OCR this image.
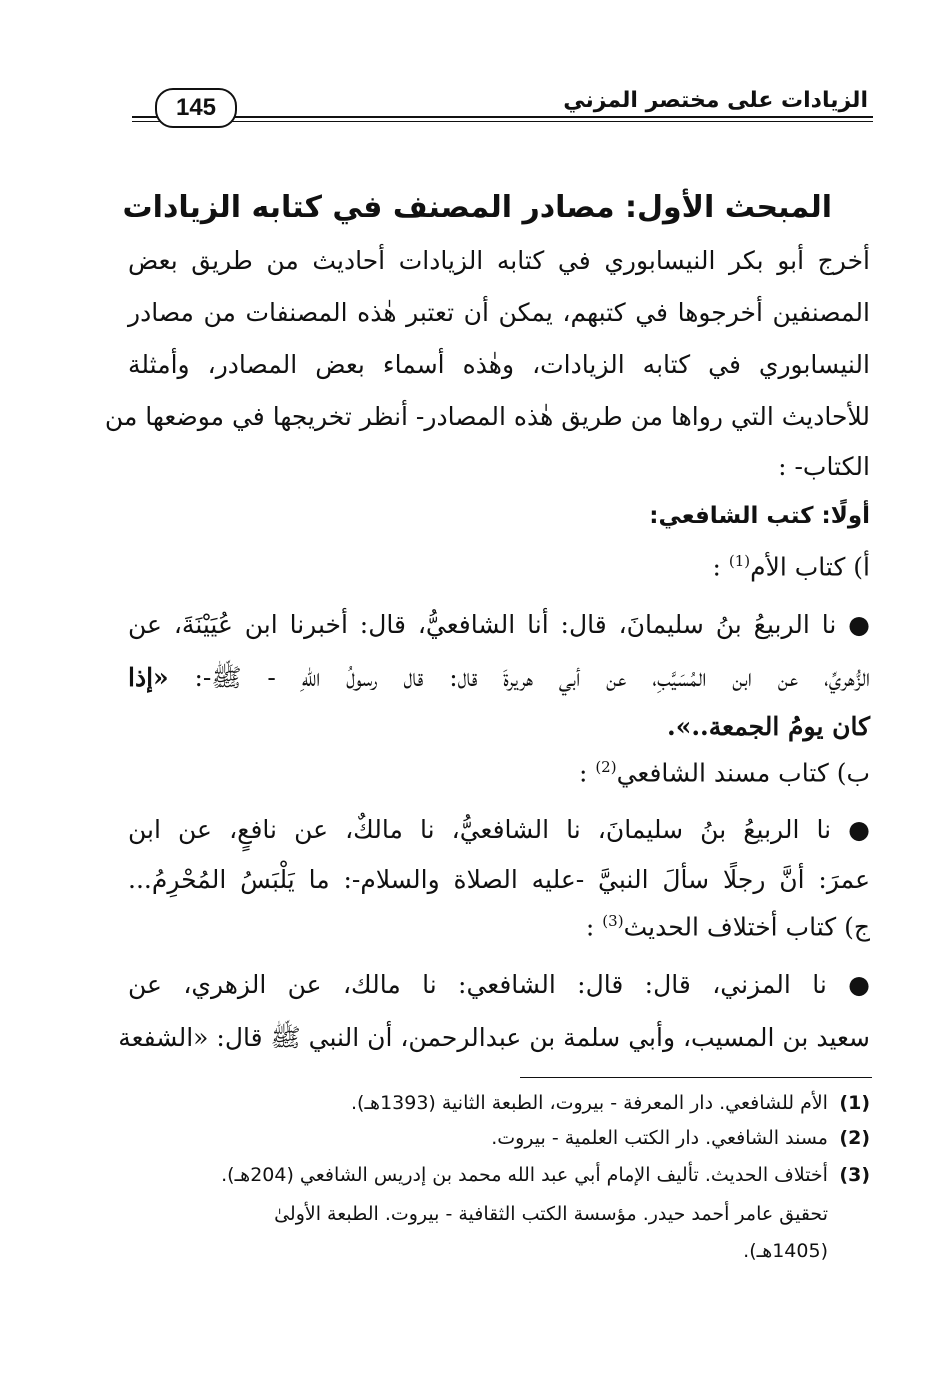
الزيادات على مختصر المزني
145
المبحث الأول: مصادر المصنف في كتابه الزيادات
أخرج أبو بكر النيسابوري في كتابه الزيادات أحاديث من طريق بعض
المصنفين أخرجوها في كتبهم، يمكن أن تعتبر هٰذه المصنفات من مصادر
النيسابوري في كتابه الزيادات، وهٰذه أسماء بعض المصادر، وأمثلة
للأحاديث التي رواها من طريق هٰذه المصادر- أنظر تخريجها في موضعها من
الكتاب- :
أولًا: كتب الشافعي:
أ) كتاب الأم$^{(1)}$ :
● نا الربيعُ بنُ سليمانَ، قال: أنا الشافعيُّ، قال: أخبرنا ابن عُيَيْنَةَ، عن
الزُّهريِّ، عن ابن المُسَيَّبِ، عن أبي هريرةَ قال: قال رسولُ اللهِ - ﷺ-: «إذا
كان يومُ الجمعة..».
ب) كتاب مسند الشافعي$^{(2)}$ :
● نا الربيعُ بنُ سليمانَ، نا الشافعيُّ، نا مالكٌ، عن نافعٍ، عن ابن
عمرَ: أنَّ رجلًا سألَ النبيَّ -عليه الصلاة والسلام-: ما يَلْبَسُ المُحْرِمُ...
ج) كتاب أختلاف الحديث$^{(3)}$ :
● نا المزني، قال: قال: الشافعي: نا مالك، عن الزهري، عن
سعيد بن المسيب، وأبي سلمة بن عبدالرحمن، أن النبي ﷺ قال: «الشفعة
(1) الأم للشافعي. دار المعرفة - بيروت، الطبعة الثانية (1393هـ).
(2) مسند الشافعي. دار الكتب العلمية - بيروت.
(3) أختلاف الحديث. تأليف الإمام أبي عبد الله محمد بن إدريس الشافعي (204هـ).
تحقيق عامر أحمد حيدر. مؤسسة الكتب الثقافية - بيروت. الطبعة الأولىٰ
(1405هـ).
